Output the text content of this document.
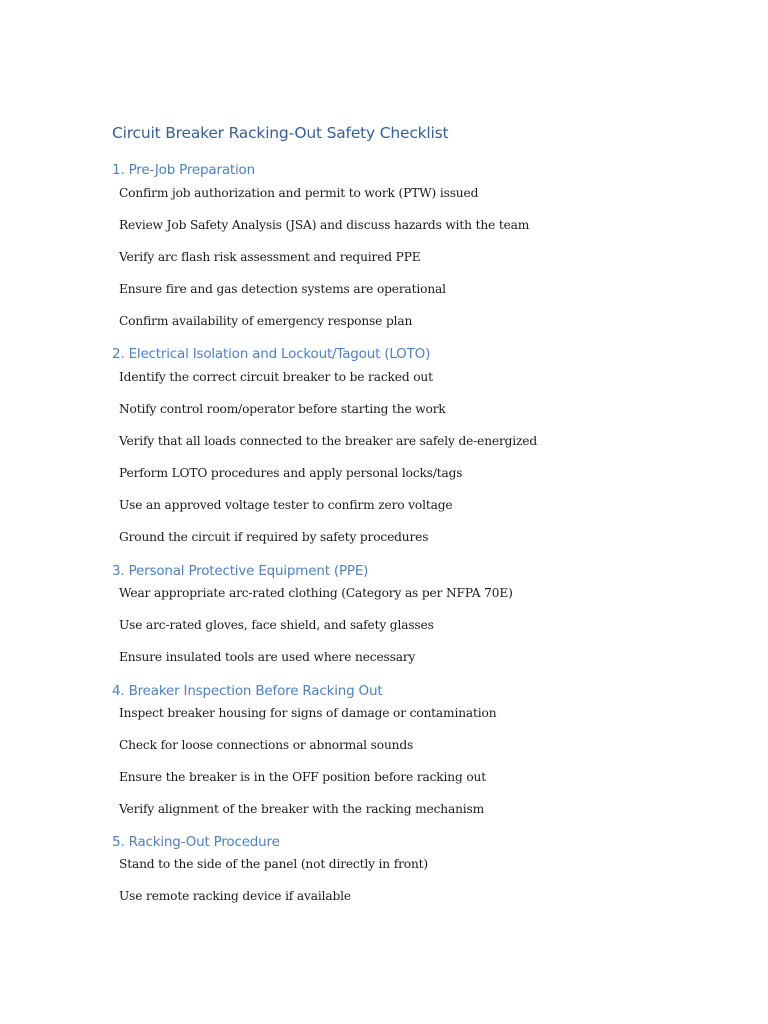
Circuit Breaker Racking-Out Safety Checklist
1. Pre-Job Preparation
Confirm job authorization and permit to work (PTW) issued
Review Job Safety Analysis (JSA) and discuss hazards with the team
Verify arc flash risk assessment and required PPE
Ensure fire and gas detection systems are operational
Confirm availability of emergency response plan
2. Electrical Isolation and Lockout/Tagout (LOTO)
Identify the correct circuit breaker to be racked out
Notify control room/operator before starting the work
Verify that all loads connected to the breaker are safely de-energized
Perform LOTO procedures and apply personal locks/tags
Use an approved voltage tester to confirm zero voltage
Ground the circuit if required by safety procedures
3. Personal Protective Equipment (PPE)
Wear appropriate arc-rated clothing (Category as per NFPA 70E)
Use arc-rated gloves, face shield, and safety glasses
Ensure insulated tools are used where necessary
4. Breaker Inspection Before Racking Out
Inspect breaker housing for signs of damage or contamination
Check for loose connections or abnormal sounds
Ensure the breaker is in the OFF position before racking out
Verify alignment of the breaker with the racking mechanism
5. Racking-Out Procedure
Stand to the side of the panel (not directly in front)
Use remote racking device if available
